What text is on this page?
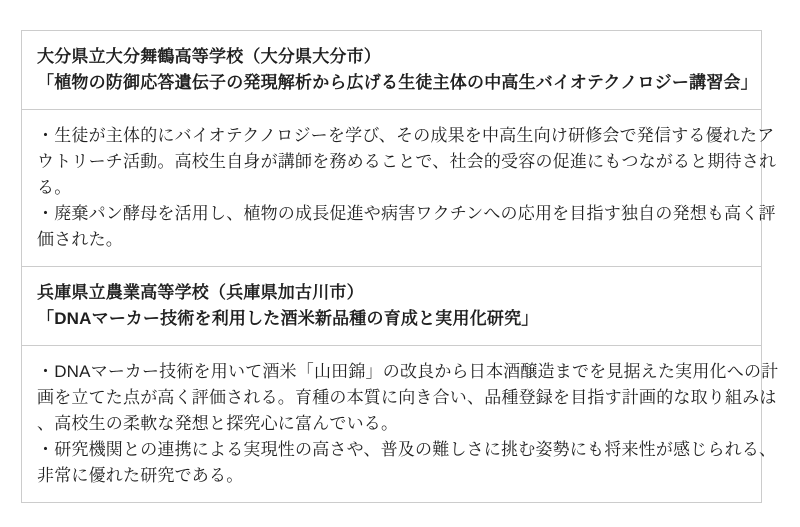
大分県立大分舞鶴高等学校（大分県大分市）
「植物の防御応答遺伝子の発現解析から広げる生徒主体の中高生バイオテクノロジー講習会」
・生徒が主体的にバイオテクノロジーを学び、その成果を中高生向け研修会で発信する優れたア
ウトリーチ活動。高校生自身が講師を務めることで、社会的受容の促進にもつながると期待され
る。
・廃棄パン酵母を活用し、植物の成長促進や病害ワクチンへの応用を目指す独自の発想も高く評
価された。
兵庫県立農業高等学校（兵庫県加古川市）
「DNAマーカー技術を利用した酒米新品種の育成と実用化研究」
・DNAマーカー技術を用いて酒米「山田錦」の改良から日本酒醸造までを見据えた実用化への計
画を立てた点が高く評価される。育種の本質に向き合い、品種登録を目指す計画的な取り組みは
、高校生の柔軟な発想と探究心に富んでいる。
・研究機関との連携による実現性の高さや、普及の難しさに挑む姿勢にも将来性が感じられる、
非常に優れた研究である。
